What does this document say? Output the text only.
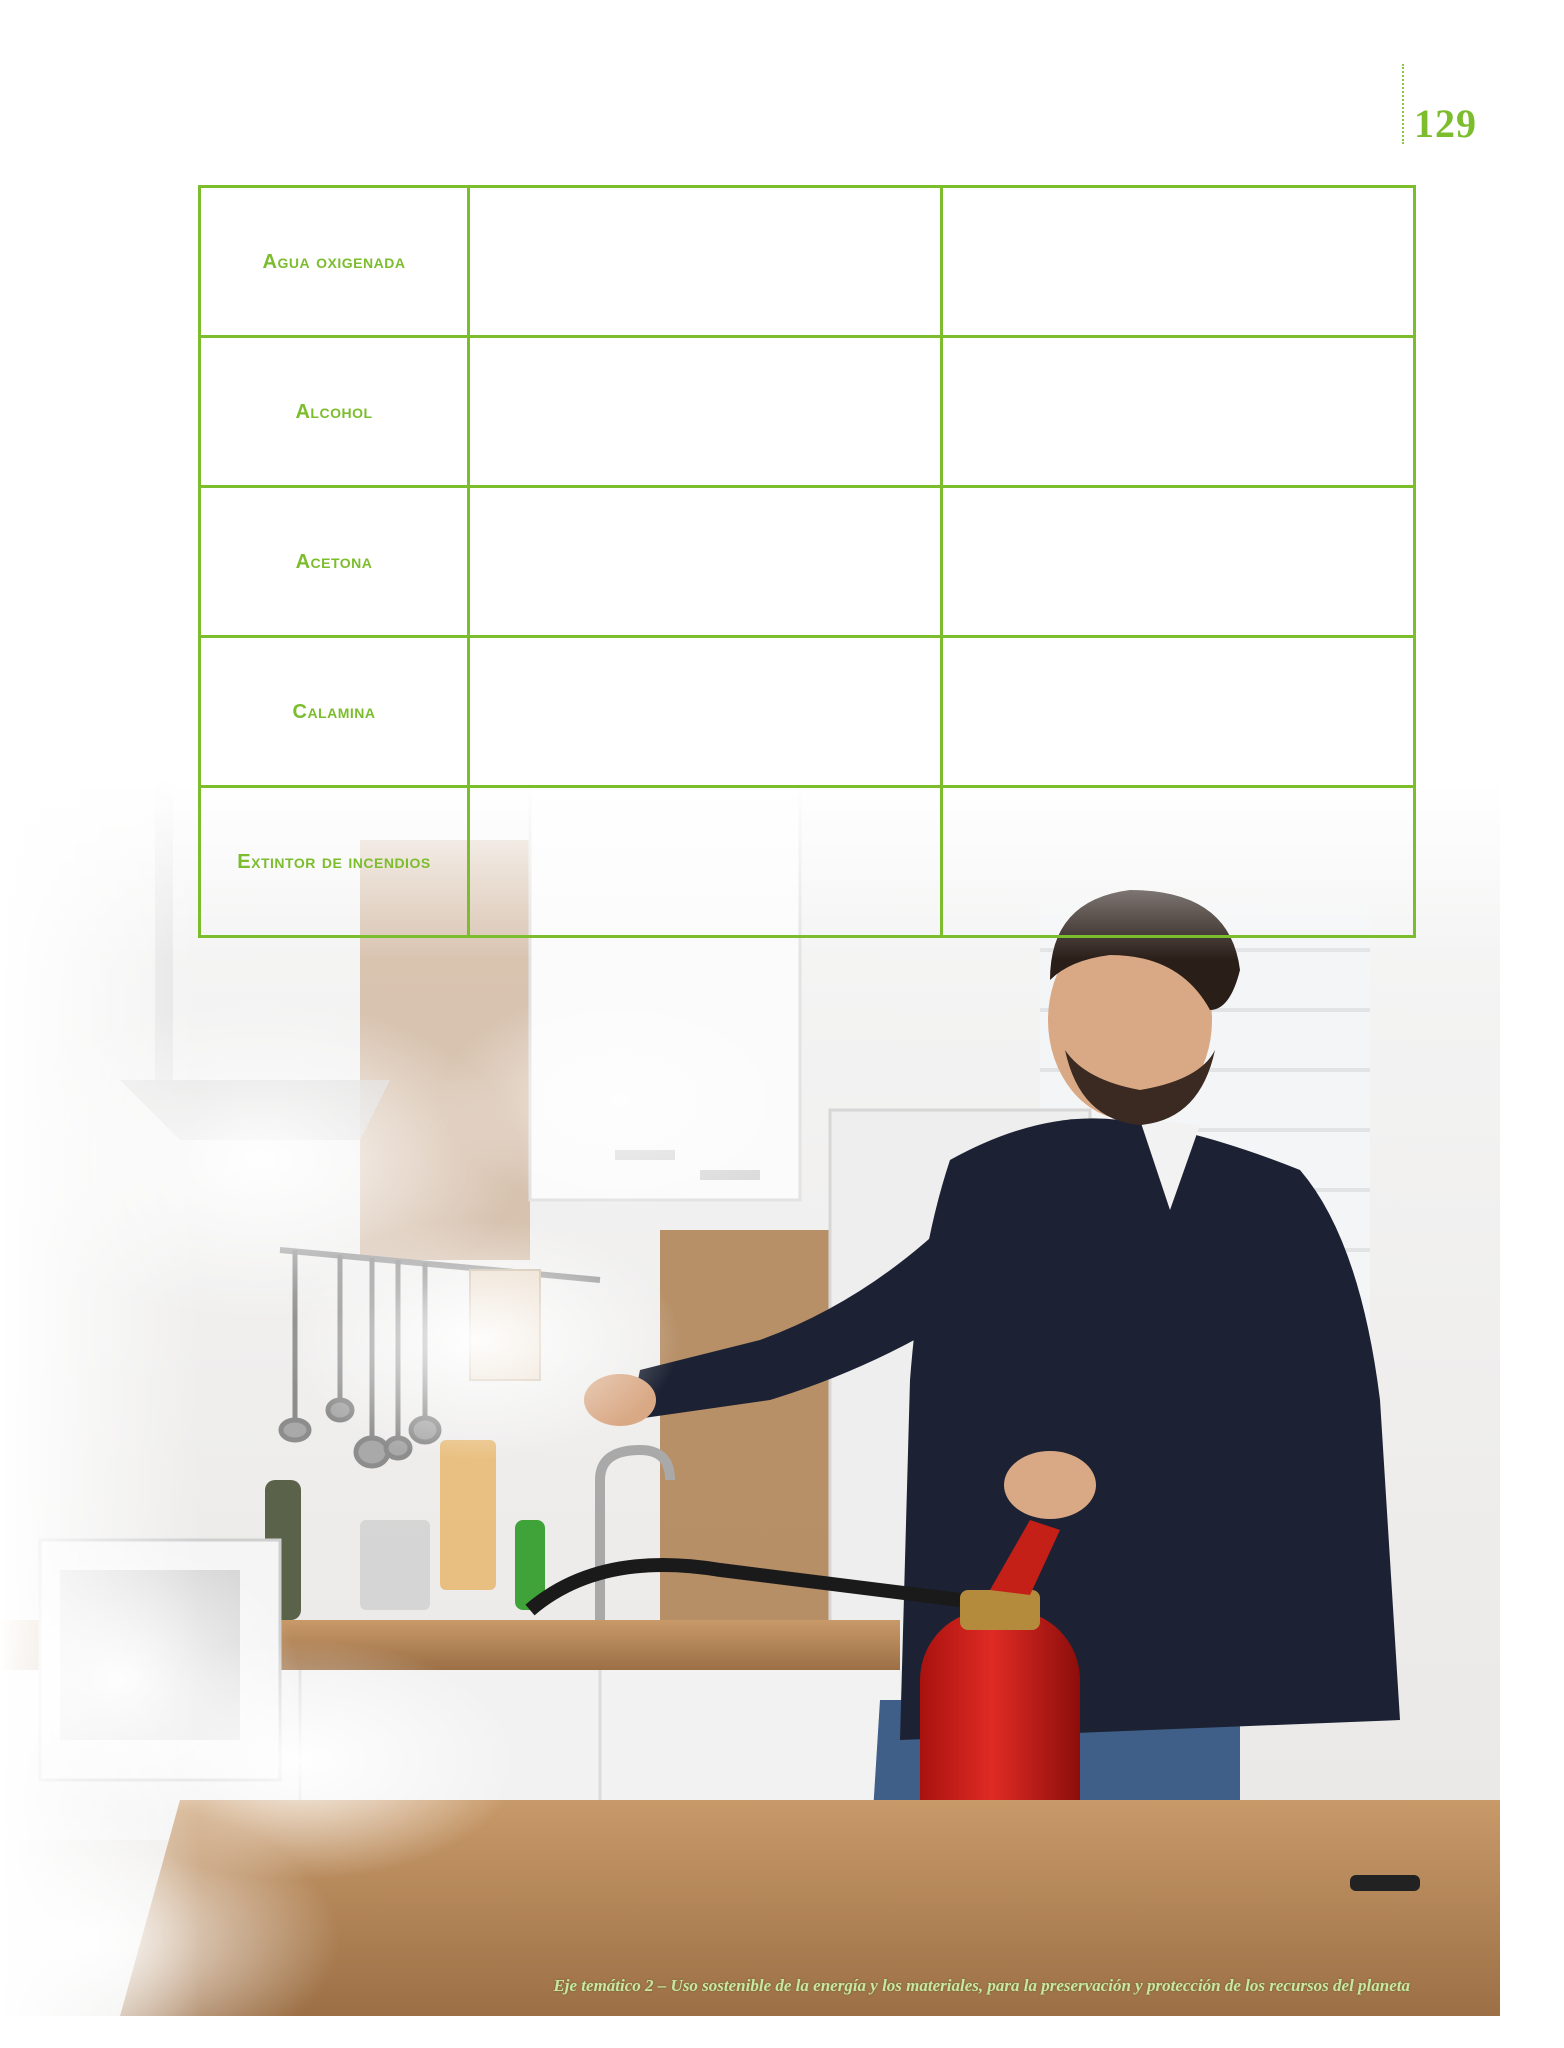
129
Agua oxigenada		
Alcohol		
Acetona		
Calamina		
Extintor de incendios		
Eje temático 2 – Uso sostenible de la energía y los materiales, para la preservación y protección de los recursos del planeta
